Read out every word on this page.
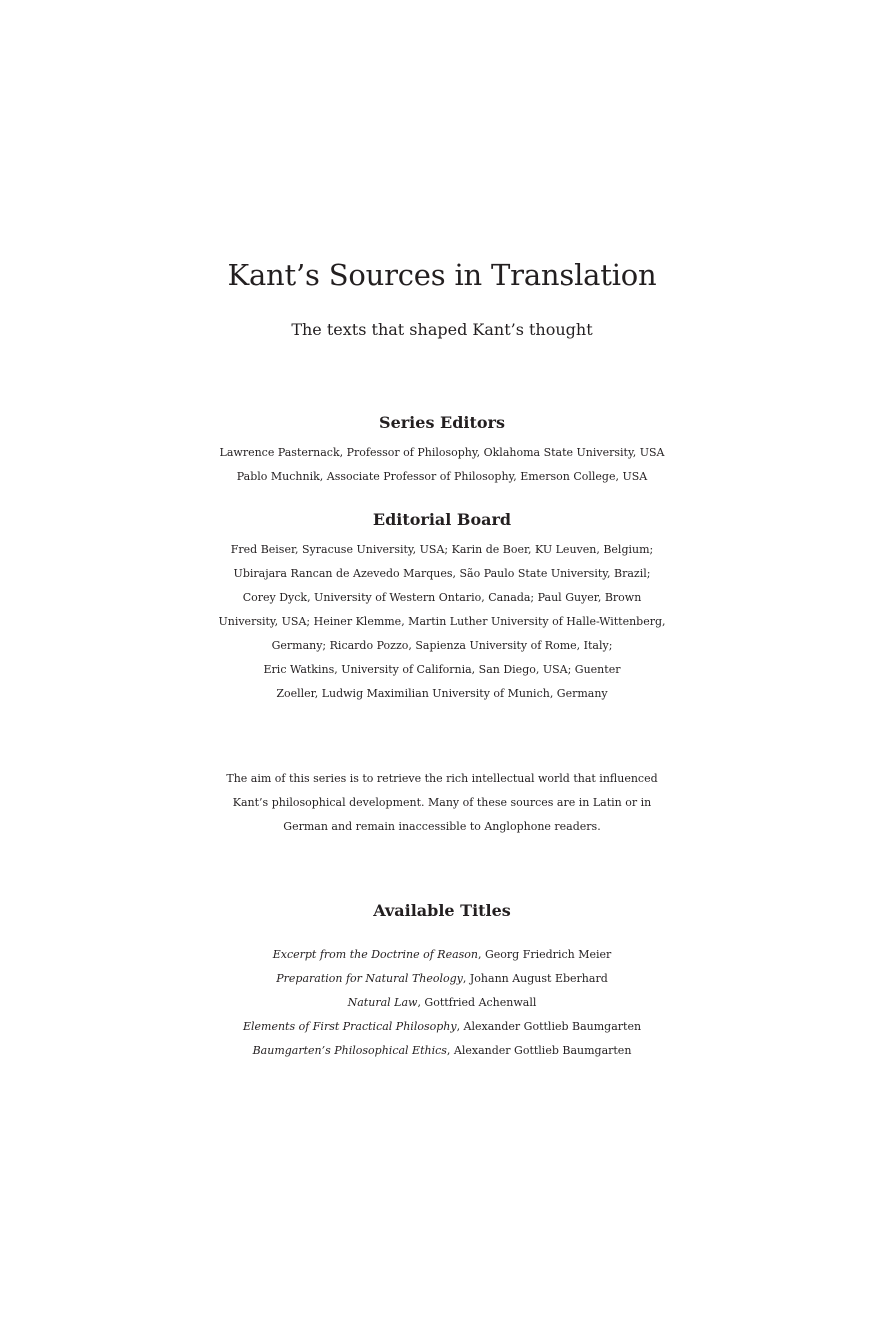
Kant’s Sources in Translation

The texts that shaped Kant’s thought

Series Editors
Lawrence Pasternack, Professor of Philosophy, Oklahoma State University, USA
Pablo Muchnik, Associate Professor of Philosophy, Emerson College, USA
Editorial Board
Fred Beiser, Syracuse University, USA; Karin de Boer, KU Leuven, Belgium;
Ubirajara Rancan de Azevedo Marques, São Paulo State University, Brazil;
Corey Dyck, University of Western Ontario, Canada; Paul Guyer, Brown
University, USA; Heiner Klemme, Martin Luther University of Halle-Wittenberg,
Germany; Ricardo Pozzo, Sapienza University of Rome, Italy;
Eric Watkins, University of California, San Diego, USA; Guenter
Zoeller, Ludwig Maximilian University of Munich, Germany
The aim of this series is to retrieve the rich intellectual world that influenced
Kant’s philosophical development. Many of these sources are in Latin or in
German and remain inaccessible to Anglophone readers.
Available Titles
Excerpt from the Doctrine of Reason, Georg Friedrich Meier
Preparation for Natural Theology, Johann August Eberhard
Natural Law, Gottfried Achenwall
Elements of First Practical Philosophy, Alexander Gottlieb Baumgarten
Baumgarten’s Philosophical Ethics, Alexander Gottlieb Baumgarten
